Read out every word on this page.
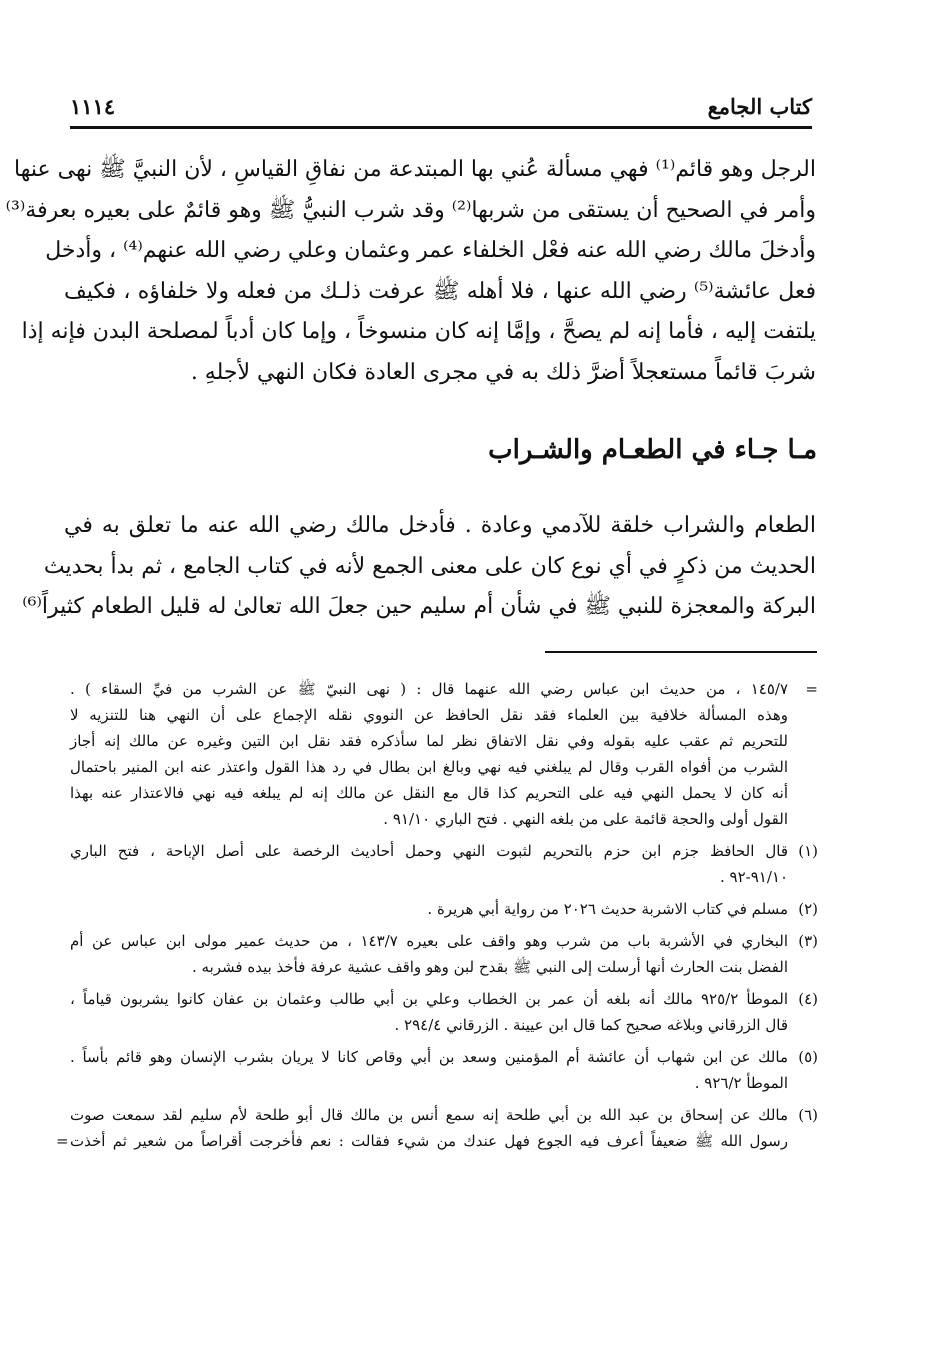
كتاب الجامع
١١١٤
الرجل وهو قائم⁽¹⁾ فهي مسألة عُني بها المبتدعة من نفاقِ القياسِ ، لأن النبيَّ ﷺ نهى عنها
وأمر في الصحيح أن يستقى من شربها⁽²⁾ وقد شرب النبيُّ ﷺ وهو قائمٌ على بعيره بعرفة⁽³⁾
وأدخلَ مالك رضي الله عنه فعْل الخلفاء عمر وعثمان وعلي رضي الله عنهم⁽⁴⁾ ، وأدخل
فعل عائشة⁽⁵⁾ رضي الله عنها ، فلا أهله ﷺ عرفت ذلـك من فعله ولا خلفاؤه ، فكيف
يلتفت إليه ، فأما إنه لم يصحَّ ، وإمَّا إنه كان منسوخاً ، وإما كان أدباً لمصلحة البدن فإنه إذا
شربَ قائماً مستعجلاً أضرَّ ذلك به في مجرى العادة فكان النهي لأجلهِ .
مـا جـاء في الطعـام والشـراب
الطعام والشراب خلقة للآدمي وعادة . فأدخل مالك رضي الله عنه ما تعلق به في
الحديث من ذكرٍ في أي نوع كان على معنى الجمع لأنه في كتاب الجامع ، ثم بدأ بحديث
البركة والمعجزة للنبي ﷺ في شأن أم سليم حين جعلَ الله تعالىٰ له قليل الطعام كثيراً⁽⁶⁾
=
١٤٥/٧ ، من حديث ابن عباس رضي الله عنهما قال : ( نهى النبيّ ﷺ عن الشرب من فيِّ السقاء ) .
وهذه المسألة خلافية بين العلماء فقد نقل الحافظ عن النووي نقله الإجماع على أن النهي هنا للتنزيه لا
للتحريم ثم عقب عليه بقوله وفي نقل الاتفاق نظر لما سأذكره فقد نقل ابن التين وغيره عن مالك إنه أجاز
الشرب من أفواه القرب وقال لم يبلغني فيه نهي وبالغ ابن بطال في رد هذا القول واعتذر عنه ابن المنير باحتمال
أنه كان لا يحمل النهي فيه على التحريم كذا قال مع النقل عن مالك إنه لم يبلغه فيه نهي فالاعتذار عنه بهذا
القول أولى والحجة قائمة على من بلغه النهي . فتح الباري ٩١/١٠ .
(١)
قال الحافظ جزم ابن حزم بالتحريم لثبوت النهي وحمل أحاديث الرخصة على أصل الإباحة ، فتح الباري
٩١/١٠-٩٢ .
(٢)
مسلم في كتاب الاشربة حديث ٢٠٢٦ من رواية أبي هريرة .
(٣)
البخاري في الأشربة باب من شرب وهو واقف على بعيره ١٤٣/٧ ، من حديث عمير مولى ابن عباس عن أم
الفضل بنت الحارث أنها أرسلت إلى النبي ﷺ بقدح لبن وهو واقف عشية عرفة فأخذ بيده فشربه .
(٤)
الموطأ ٩٢٥/٢ مالك أنه بلغه أن عمر بن الخطاب وعلي بن أبي طالب وعثمان بن عفان كانوا يشربون قياماً ،
قال الزرقاني وبلاغه صحيح كما قال ابن عيينة . الزرقاني ٢٩٤/٤ .
(٥)
مالك عن ابن شهاب أن عائشة أم المؤمنين وسعد بن أبي وقاص كانا لا يريان بشرب الإنسان وهو قائم بأساً .
الموطأ ٩٢٦/٢ .
(٦)
مالك عن إسحاق بن عبد الله بن أبي طلحة إنه سمع أنس بن مالك قال أبو طلحة لأم سليم لقد سمعت صوت
رسول الله ﷺ ضعيفاً أعرف فيه الجوع فهل عندك من شيء فقالت : نعم فأخرجت أقراصاً من شعير ثم أخذت
=
